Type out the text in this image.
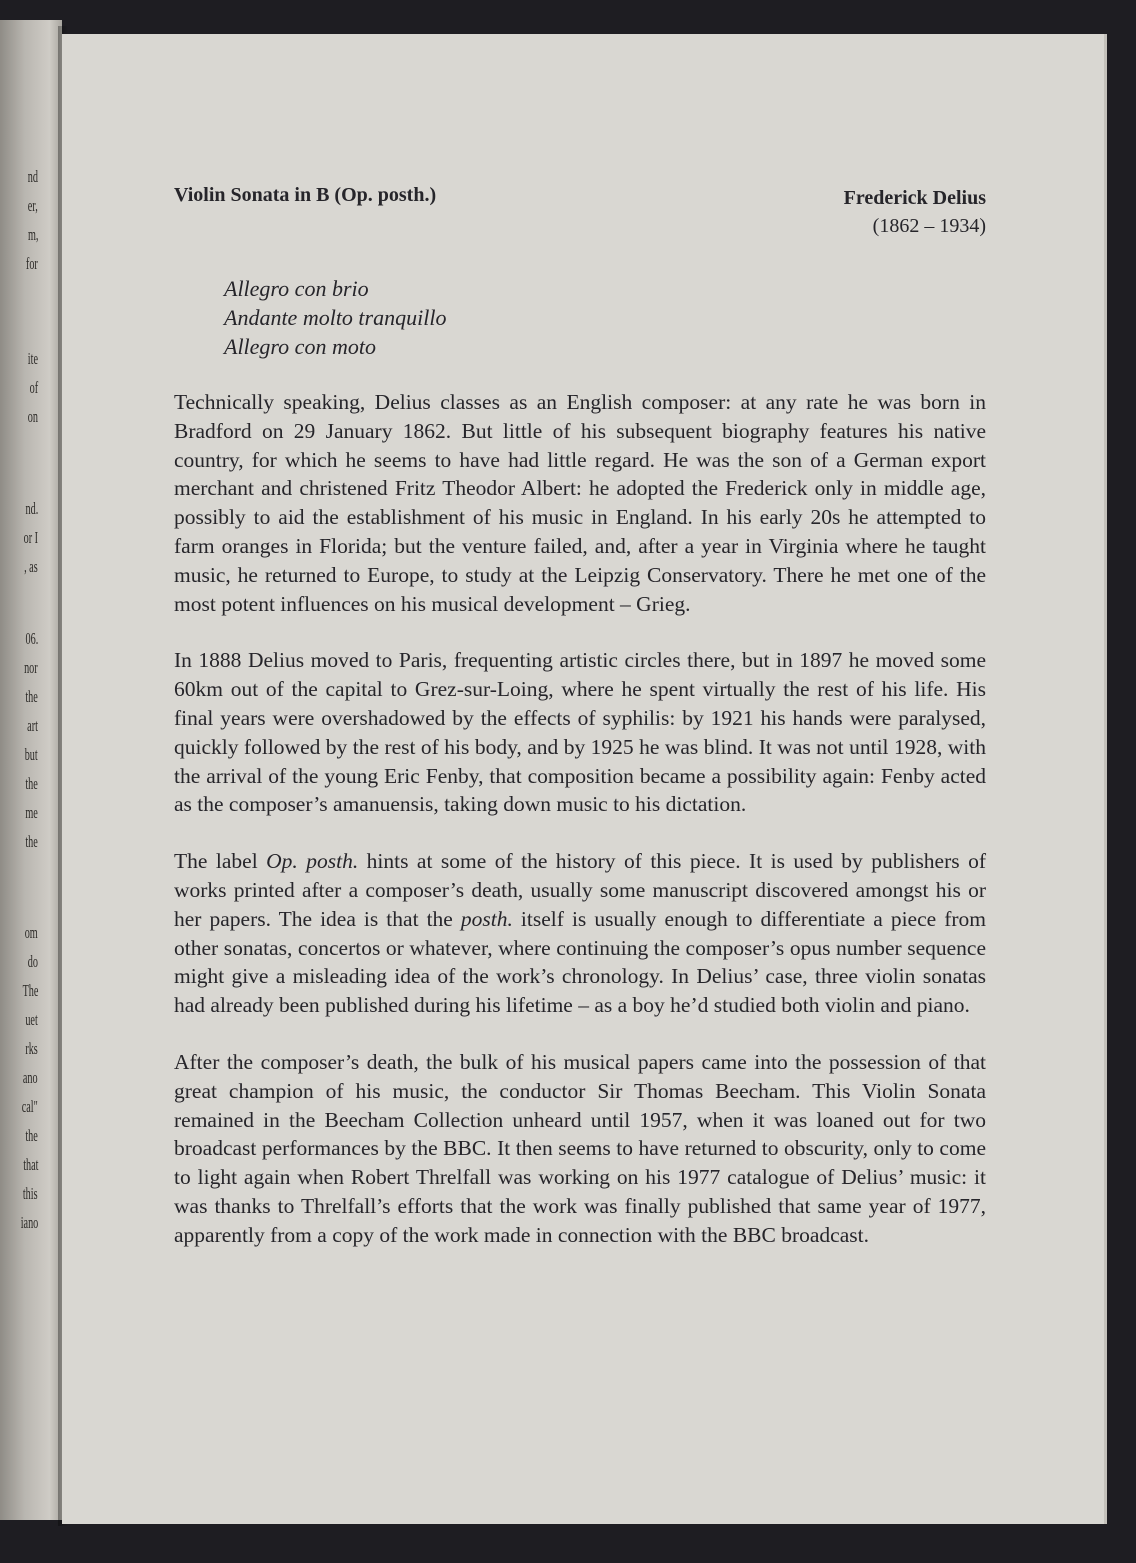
nd
er,
m,
for
ite
of
on
nd.
or I
, as
06.
nor
the
art
but
the
me
the
om
do
The
uet
rks
ano
cal"
the
that
this
iano
Violin Sonata in B (Op. posth.)	Frederick Delius
(1862 – 1934)
Allegro con brio
Andante molto tranquillo
Allegro con moto

Technically speaking, Delius classes as an English composer: at any rate he was born in Bradford on 29 January 1862. But little of his subsequent biography features his native country, for which he seems to have had little regard. He was the son of a German export merchant and christened Fritz Theodor Albert: he adopted the Frederick only in middle age, possibly to aid the establishment of his music in England. In his early 20s he attempted to farm oranges in Florida; but the venture failed, and, after a year in Virginia where he taught music, he returned to Europe, to study at the Leipzig Conservatory. There he met one of the most potent influences on his musical development – Grieg.

In 1888 Delius moved to Paris, frequenting artistic circles there, but in 1897 he moved some 60km out of the capital to Grez-sur-Loing, where he spent virtually the rest of his life. His final years were overshadowed by the effects of syphilis: by 1921 his hands were paralysed, quickly followed by the rest of his body, and by 1925 he was blind. It was not until 1928, with the arrival of the young Eric Fenby, that composition became a possibility again: Fenby acted as the composer’s amanuensis, taking down music to his dictation.

The label Op. posth. hints at some of the history of this piece. It is used by publishers of works printed after a composer’s death, usually some manuscript discovered amongst his or her papers. The idea is that the posth. itself is usually enough to differentiate a piece from other sonatas, concertos or whatever, where continuing the composer’s opus number sequence might give a misleading idea of the work’s chronology. In Delius’ case, three violin sonatas had already been published during his lifetime – as a boy he’d studied both violin and piano.

After the composer’s death, the bulk of his musical papers came into the possession of that great champion of his music, the conductor Sir Thomas Beecham. This Violin Sonata remained in the Beecham Collection unheard until 1957, when it was loaned out for two broadcast performances by the BBC. It then seems to have returned to obscurity, only to come to light again when Robert Threlfall was working on his 1977 catalogue of Delius’ music: it was thanks to Threlfall’s efforts that the work was finally published that same year of 1977, apparently from a copy of the work made in connection with the BBC broadcast.
